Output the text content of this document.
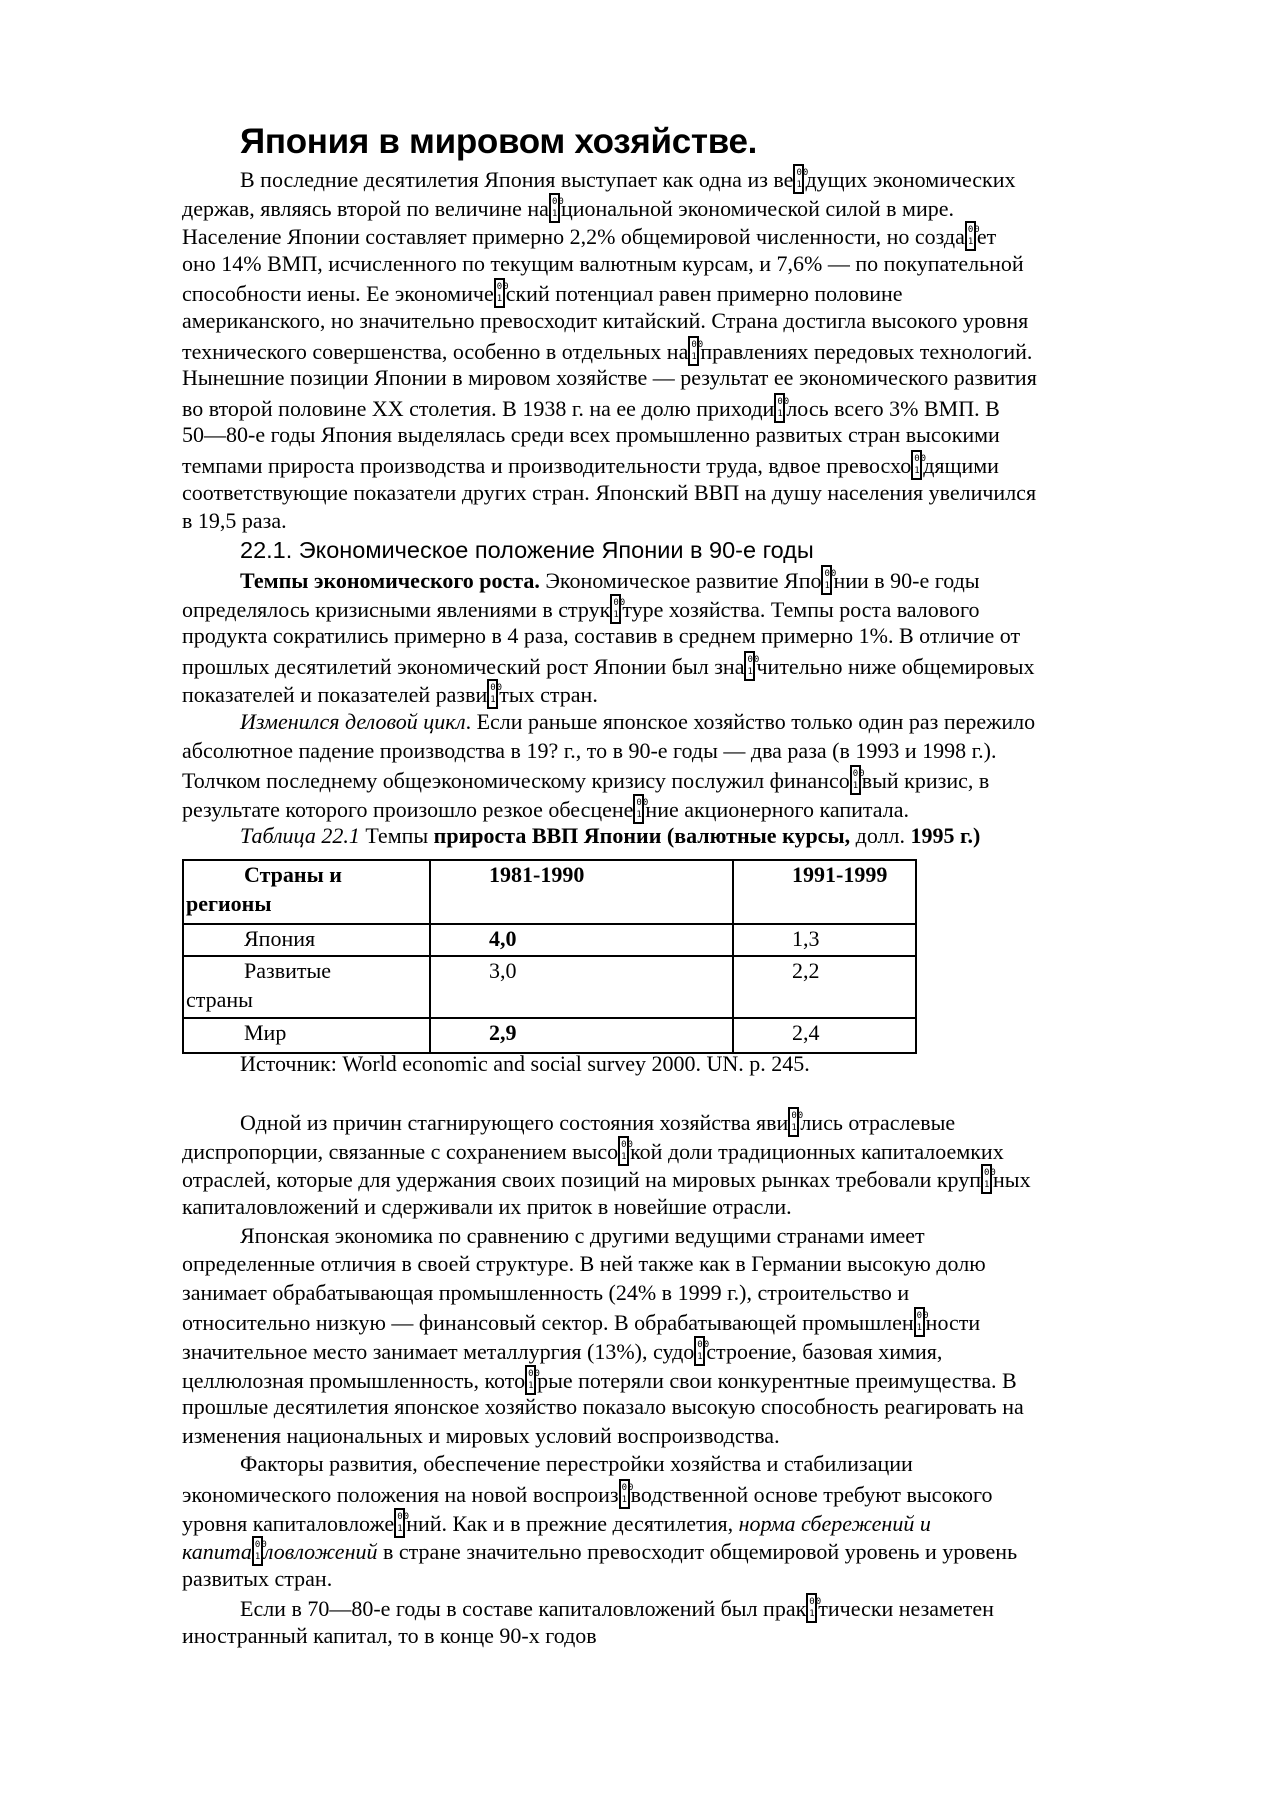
Япония в мировом хозяйстве.
В последние десятилетия Япония выступает как одна из ве 00
1 дущих экономических
держав, являясь второй по величине на 00
1 циональной экономической силой в мире.
Население Японии составляет примерно 2,2% общемировой численности, но созда 00
1 ет
оно 14% ВМП, исчисленного по текущим валютным курсам, и 7,6% — по покупательной
способности иены. Ее экономиче 00
1 ский потенциал равен примерно половине
американского, но значительно превосходит китайский. Страна достигла высокого уровня
технического совершенства, особенно в отдельных на 00
1 правлениях передовых технологий.
Нынешние позиции Японии в мировом хозяйстве — результат ее экономического развития
во второй половине XX столетия. В 1938 г. на ее долю приходи 00
1 лось всего 3% ВМП. В
50—80-е годы Япония выделялась среди всех промышленно развитых стран высокими
темпами прироста производства и производительности труда, вдвое превосхо 00
1 дящими
соответствующие показатели других стран. Японский ВВП на душу населения увеличился
в 19,5 раза.
22.1. Экономическое положение Японии в 90-е годы
Темпы экономического роста. Экономическое развитие Япо 00
1 нии в 90-е годы
определялось кризисными явлениями в струк 00
1 туре хозяйства. Темпы роста валового
продукта сократились примерно в 4 раза, составив в среднем примерно 1%. В отличие от
прошлых десятилетий экономический рост Японии был зна 00
1 чительно ниже общемировых
показателей и показателей разви 00
1 тых стран.
Изменился деловой цикл. Если раньше японское хозяйство только один раз пережило
абсолютное падение производства в 19? г., то в 90-е годы — два раза (в 1993 и 1998 г.).
Толчком последнему общеэкономическому кризису послужил финансо 00
1 вый кризис, в
результате которого произошло резкое обесцене 00
1 ние акционерного капитала.
Таблица 22.1 Темпы прироста ВВП Японии (валютные курсы, долл. 1995 г.)
Страны и
регионы	1981-1990	1991-1999

Япония	4,0	1,3

Развитые
страны	3,0	2,2

Мир	2,9	2,4
Источник: World economic and social survey 2000. UN. p. 245.
Одной из причин стагнирующего состояния хозяйства яви 00
1 лись отраслевые
диспропорции, связанные с сохранением высо 00
1 кой доли традиционных капиталоемких
отраслей, которые для удержания своих позиций на мировых рынках требовали круп 00
1 ных
капиталовложений и сдерживали их приток в новейшие отрасли.
Японская экономика по сравнению с другими ведущими странами имеет
определенные отличия в своей структуре. В ней также как в Германии высокую долю
занимает обрабатывающая промышленность (24% в 1999 г.), строительство и
относительно низкую — финансовый сектор. В обрабатывающей промышлен 00
1 ности
значительное место занимает металлургия (13%), судо 00
1 строение, базовая химия,
целлюлозная промышленность, кото 00
1 рые потеряли свои конкурентные преимущества. В
прошлые десятилетия японское хозяйство показало высокую способность реагировать на
изменения национальных и мировых условий воспроизводства.
Факторы развития, обеспечение перестройки хозяйства и стабилизации
экономического положения на новой воспроиз 00
1 водственной основе требуют высокого
уровня капиталовложе 00
1 ний. Как и в прежние десятилетия, норма сбережений и
капита 00
1 ловложений в стране значительно превосходит общемировой уровень и уровень
развитых стран.
Если в 70—80-е годы в составе капиталовложений был прак 00
1 тически незаметен
иностранный капитал, то в конце 90-х годов
